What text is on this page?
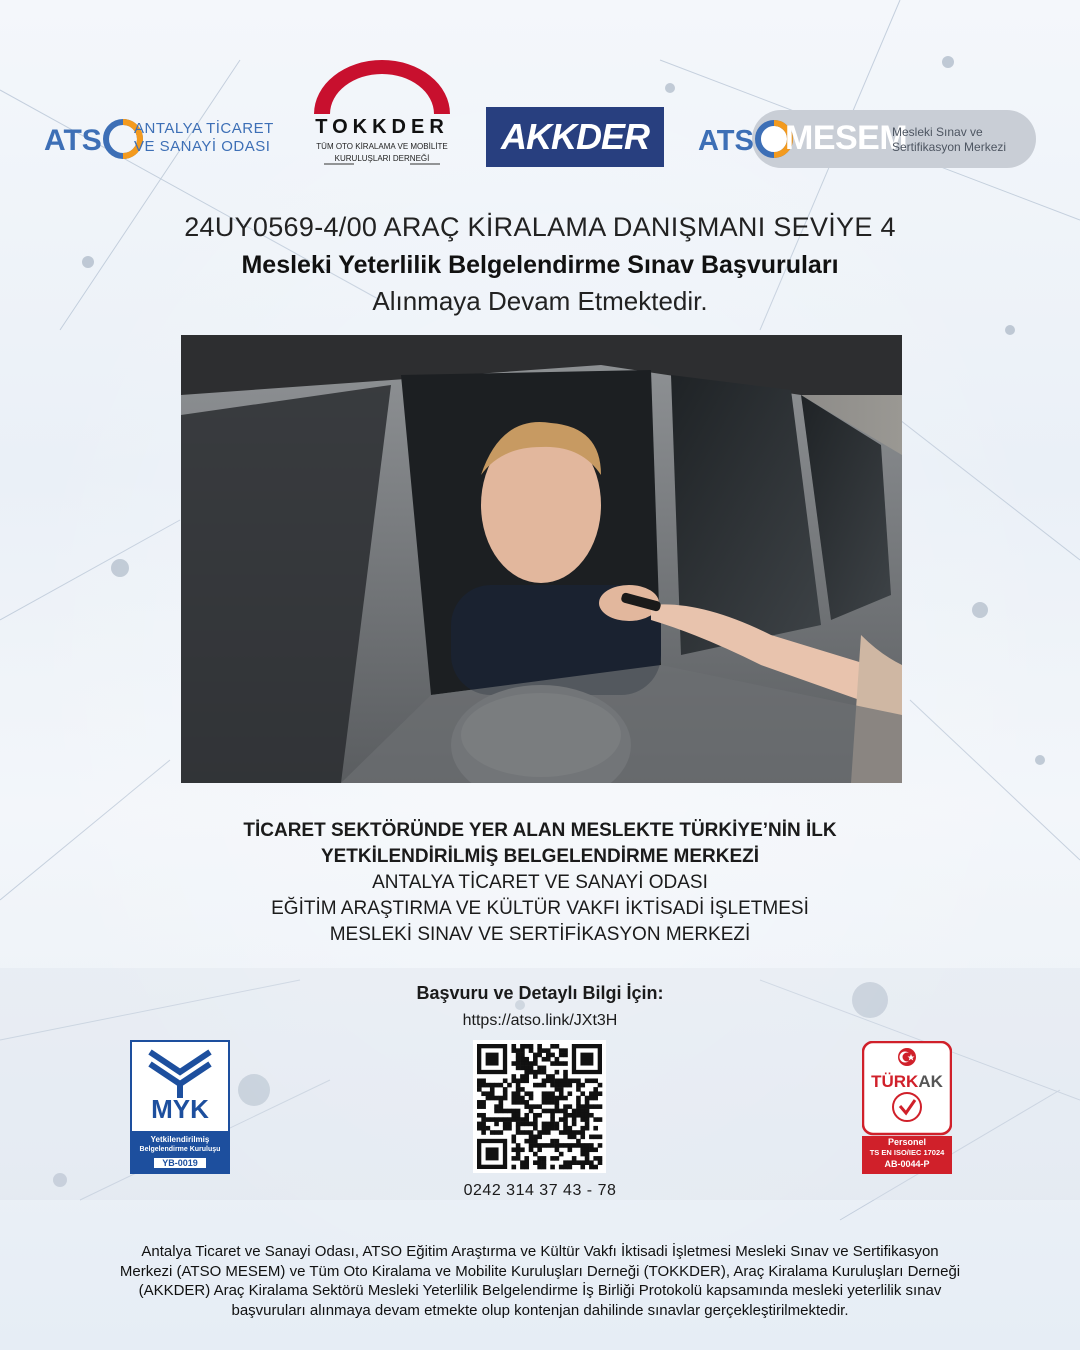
ATS ANTALYA TİCARET
VE SANAYİ ODASI
TOKKDER
TÜM OTO KİRALAMA VE MOBİLİTE
KURULUŞLARI DERNEĞİ
AKKDER ATS MESEM
Mesleki Sınav ve
Sertifikasyon Merkezi
24UY0569-4/00 ARAÇ KİRALAMA DANIŞMANI SEVİYE 4
Mesleki Yeterlilik Belgelendirme Sınav Başvuruları
Alınmaya Devam Etmektedir.
TİCARET SEKTÖRÜNDE YER ALAN MESLEKTE TÜRKİYE’NİN İLK
YETKİLENDİRİLMİŞ BELGELENDİRME MERKEZİ
ANTALYA TİCARET VE SANAYİ ODASI
EĞİTİM ARAŞTIRMA VE KÜLTÜR VAKFI İKTİSADİ İŞLETMESİ
MESLEKİ SINAV VE SERTİFİKASYON MERKEZİ
Başvuru ve Detaylı Bilgi İçin:
https://atso.link/JXt3H
0242 314 37 43 - 78
MYK
Yetkilendirilmiş
Belgelendirme Kuruluşu
YB-0019
TÜRKAK
Personel
TS EN ISO/IEC 17024
AB-0044-P
Antalya Ticaret ve Sanayi Odası, ATSO Eğitim Araştırma ve Kültür Vakfı İktisadi İşletmesi Mesleki Sınav ve Sertifikasyon
Merkezi (ATSO MESEM) ve Tüm Oto Kiralama ve Mobilite Kuruluşları Derneği (TOKKDER), Araç Kiralama Kuruluşları Derneği
(AKKDER) Araç Kiralama Sektörü Mesleki Yeterlilik Belgelendirme İş Birliği Protokolü kapsamında mesleki yeterlilik sınav
başvuruları alınmaya devam etmekte olup kontenjan dahilinde sınavlar gerçekleştirilmektedir.
